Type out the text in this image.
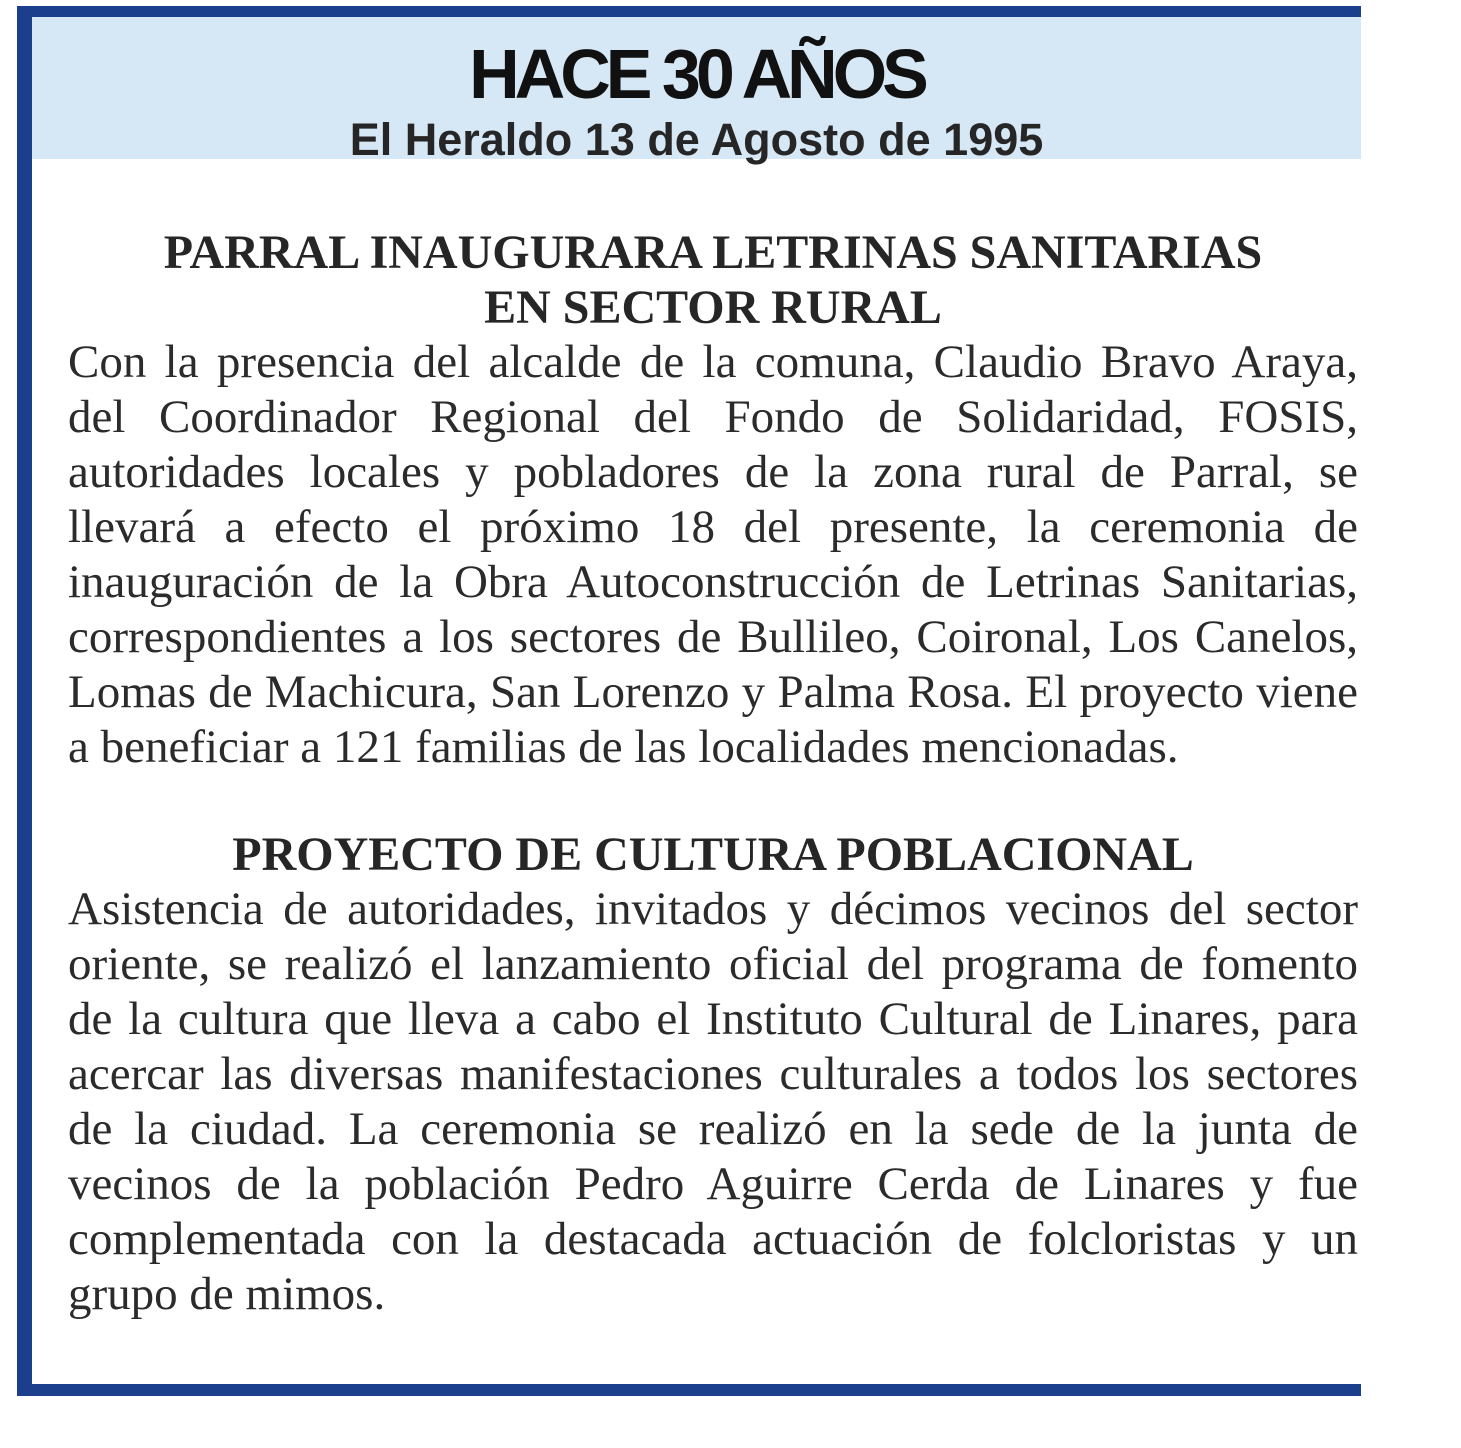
HACE 30 AÑOS
El Heraldo 13 de Agosto de 1995

PARRAL INAUGURARA LETRINAS SANITARIAS

EN SECTOR RURAL

Con la presencia del alcalde de la comuna, Claudio Bravo Araya, del Coordinador Regional del Fondo de Solidaridad, FOSIS, autoridades locales y pobladores de la zona rural de Parral, se llevará a efecto el próximo 18 del presente, la ceremonia de inauguración de la Obra Autoconstrucción de Letrinas Sanitarias, correspondientes a los sectores de Bullileo, Coironal, Los Canelos, Lomas de Machicura, San Lorenzo y Palma Rosa. El proyecto viene a beneficiar a 121 familias de las localidades mencionadas.

PROYECTO DE CULTURA POBLACIONAL

Asistencia de autoridades, invitados y décimos vecinos del sector oriente, se realizó el lanzamiento oficial del programa de fomento de la cultura que lleva a cabo el Instituto Cultural de Linares, para acercar las diversas manifestaciones culturales a todos los sectores de la ciudad. La ceremonia se realizó en la sede de la junta de vecinos de la población Pedro Aguirre Cerda de Linares y fue complementada con la destacada actuación de folcloristas y un grupo de mimos.
